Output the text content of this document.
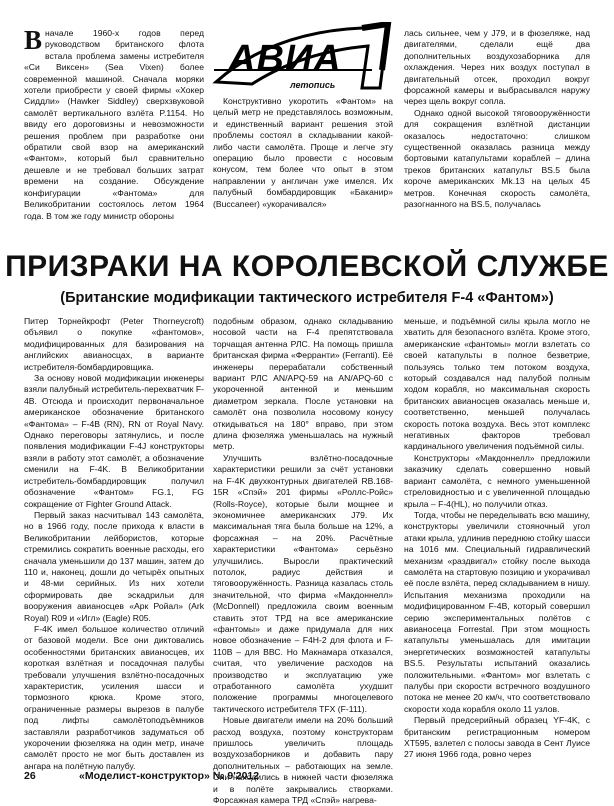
Вначале 1960-х годов перед руководством британского флота встала проблема замены истребителя «Си Виксен» (Sea Vixen) более современной машиной. Сначала моряки хотели приобрести у своей фирмы «Хокер Сиддли» (Hawker Siddley) сверхзвуковой самолёт вертикального взлёта P.1154. Но ввиду его дороговизны и невозможности решения проблем при разработке они обратили свой взор на американский «Фантом», который был сравнительно дешевле и не требовал больших затрат времени на создание. Обсуждение конфигурации «Фантома» для Великобритании состоялось летом 1964 года. В том же году министр обороны

АВИА
летопись

Конструктивно укоротить «Фантом» на целый метр не представлялось возможным, и единственный вариант решения этой проблемы состоял в складывании какой-либо части самолёта. Проще и легче эту операцию было провести с носовым конусом, тем более что опыт в этом направлении у англичан уже имелся. Их палубный бомбардировщик «Баканир» (Buccaneer) «укорачивался»

лась сильнее, чем у J79, и в фюзеляже, над двигателями, сделали ещё два дополнительных воздухозаборника для охлаждения. Через них воздух поступал в двигательный отсек, проходил вокруг форсажной камеры и выбрасывался наружу через щель вокруг сопла.

Однако одной высокой тяговооружённости для сокращения взлётной дистанции оказалось недостаточно: слишком существенной оказалась разница между бортовыми катапультами кораблей – длина треков британских катапульт BS.5 была короче американских Mk.13 на целых 45 метров. Конечная скорость самолёта, разогнанного на BS.5, получалась

ПРИЗРАКИ НА КОРОЛЕВСКОЙ СЛУЖБЕ
(Британские модификации тактического истребителя F-4 «Фантом»)

Питер Торнейкрофт (Peter Thorneycroft) объявил о покупке «фантомов», модифицированных для базирования на английских авианосцах, в варианте истребителя-бомбардировщика.

За основу новой модификации инженеры взяли палубный истребитель-перехватчик F-4B. Отсюда и происходит первоначальное американское обозначение британского «Фантома» – F-4B (RN), RN от Royal Navy. Однако переговоры затянулись, и после появления модификации F-4J конструкторы взяли в работу этот самолёт, а обозначение сменили на F-4K. В Великобритании истребитель-бомбардировщик получил обозначение «Фантом» FG.1, FG сокращение от Fighter Ground Attack.

Первый заказ насчитывал 143 самолёта, но в 1966 году, после прихода к власти в Великобритании лейбористов, которые стремились сократить военные расходы, его сначала уменьшили до 137 машин, затем до 110 и, наконец, дошли до четырёх опытных и 48-ми серийных. Из них хотели сформировать две эскадрильи для вооружения авианосцев «Арк Ройал» (Ark Royal) R09 и «Игл» (Eagle) R05.

F-4K имел большое количество отличий от базовой модели. Все они диктовались особенностями британских авианосцев, их короткая взлётная и посадочная палубы требовали улучшения взлётно-посадочных характеристик, усиления шасси и тормозного крюка. Кроме этого, ограниченные размеры вырезов в палубе под лифты самолётоподъёмников заставляли разработчиков задуматься об укорочении фюзеляжа на один метр, иначе самолёт просто не мог быть доставлен из ангара на полётную палубу.

подобным образом, однако складыванию носовой части на F-4 препятствовала торчащая антенна РЛС. На помощь пришла британская фирма «Ферранти» (Ferranti). Её инженеры перерабатали собственный вариант РЛС AN/APQ-59 на AN/APQ-60 с укороченной антенной и меньшим диаметром зеркала. После установки на самолёт она позволила носовому конусу откидываться на 180° вправо, при этом длина фюзеляжа уменьшалась на нужный метр.

Улучшить взлётно-посадочные характеристики решили за счёт установки на F-4K двухконтурных двигателей RB.168-15R «Спэй» 201 фирмы «Роллс-Ройс» (Rolls-Royce), которые были мощнее и экономичнее американских J79. Их максимальная тяга была больше на 12%, а форсажная – на 20%. Расчётные характеристики «Фантома» серьёзно улучшились. Выросли практический потолок, радиус действия и тяговооружённость. Разница казалась столь значительной, что фирма «Макдоннелл» (McDonnell) предложила своим военным ставить этот ТРД на все американские «фантомы» и даже придумала для них новое обозначение – F4H-2 для флота и F-110B – для ВВС. Но Макнамара отказался, считая, что увеличение расходов на производство и эксплуатацию уже отработанного самолёта ухудшит положение программы многоцелевого тактического истребителя TFX (F-111).

Новые двигатели имели на 20% больший расход воздуха, поэтому конструкторам пришлось увеличить площадь воздухозаборников и добавить пару дополнительных – работающих на земле. Они находились в нижней части фюзеляжа и в полёте закрывались створками. Форсажная камера ТРД «Спэй» нагрева-

меньше, и подъёмной силы крыла могло не хватить для безопасного взлёта. Кроме этого, американские «фантомы» могли взлетать со своей катапульты в полное безветрие, пользуясь только тем потоком воздуха, который создавался над палубой полным ходом корабля, но максимальная скорость британских авианосцев оказалась меньше и, соответственно, меньшей получалась скорость потока воздуха. Весь этот комплекс негативных факторов требовал кардинального увеличения подъёмной силы.

Конструкторы «Макдоннелл» предложили заказчику сделать совершенно новый вариант самолёта, с немного уменьшенной стреловидностью и с увеличенной площадью крыла – F-4(HL), но получили отказ.

Тогда, чтобы не переделывать всю машину, конструкторы увеличили стояночный угол атаки крыла, удлинив переднюю стойку шасси на 1016 мм. Специальный гидравлический механизм «раздвигал» стойку после выхода самолёта на стартовую позицию и укорачивал её после взлёта, перед складыванием в нишу. Испытания механизма проходили на модифицированном F-4B, который совершил серию экспериментальных полётов с авианосеца Forrestal. При этом мощность катапульты уменьшалась для имитации энергетических возможностей катапульты BS.5. Результаты испытаний оказались положительными. «Фантом» мог взлетать с палубы при скорости встречного воздушного потока не менее 20 км/ч, что соответствовало скорости хода корабля около 11 узлов.

Первый предсерийный образец YF-4K, с британским регистрационным номером XT595, взлетел с полосы завода в Сент Луисе 27 июня 1966 года, ровно через

26	«Моделист-конструктор» № 9'2012
